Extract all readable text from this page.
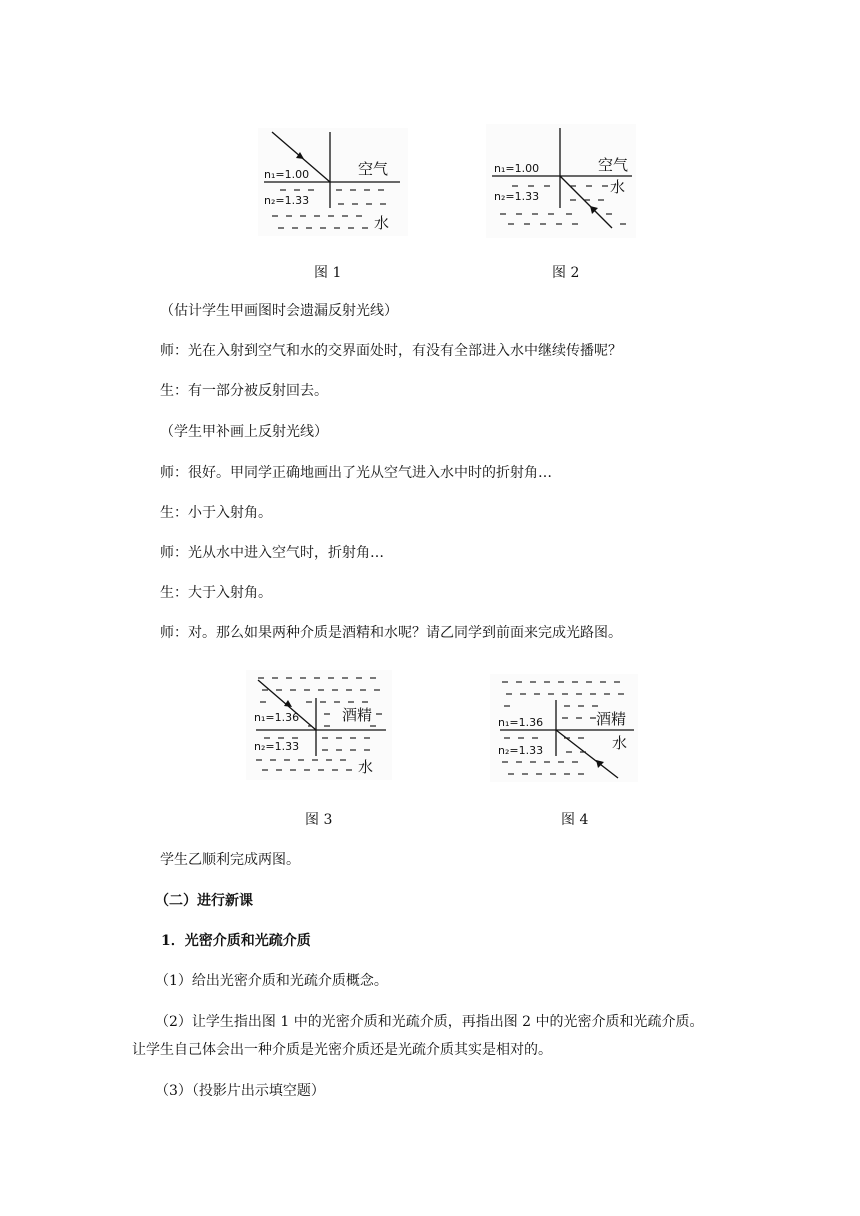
n₁=1.00
n₂=1.33
空气
水
图 1
n₁=1.00
n₂=1.33
空气
水
图 2
（估计学生甲画图时会遗漏反射光线）
师：光在入射到空气和水的交界面处时，有没有全部进入水中继续传播呢？
生：有一部分被反射回去。
（学生甲补画上反射光线）
师：很好。甲同学正确地画出了光从空气进入水中时的折射角…
生：小于入射角。
师：光从水中进入空气时，折射角…
生：大于入射角。
师：对。那么如果两种介质是酒精和水呢？请乙同学到前面来完成光路图。
n₁=1.36
n₂=1.33
酒精
水
图 3
n₁=1.36
n₂=1.33
酒精
水
图 4
学生乙顺利完成两图。
（二）进行新课
1．光密介质和光疏介质
（1）给出光密介质和光疏介质概念。
（2）让学生指出图 1 中的光密介质和光疏介质，再指出图 2 中的光密介质和光疏介质。
让学生自己体会出一种介质是光密介质还是光疏介质其实是相对的。
（3）（投影片出示填空题）
